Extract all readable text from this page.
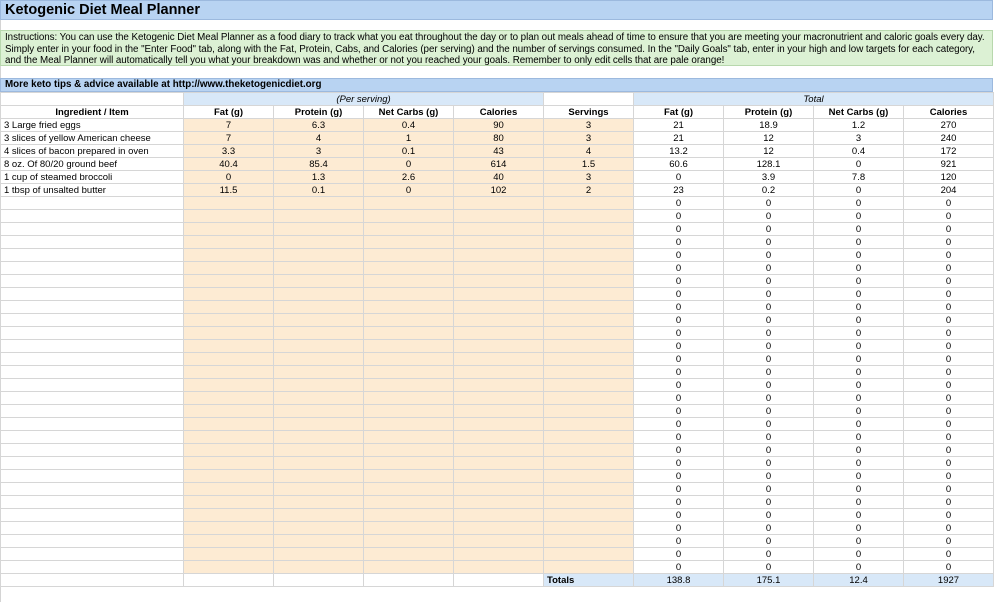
Ketogenic Diet Meal Planner
Instructions: You can use the Ketogenic Diet Meal Planner as a food diary to track what you eat throughout the day or to plan out meals ahead of time to ensure that you are meeting your macronutrient and caloric goals every day. Simply enter in your food in the "Enter Food" tab, along with the Fat, Protein, Cabs, and Calories (per serving) and the number of servings consumed. In the "Daily Goals" tab, enter in your high and low targets for each category, and the Meal Planner will automatically tell you what your breakdown was and whether or not you reached your goals. Remember to only edit cells that are pale orange!
More keto tips & advice available at http://www.theketogenicdiet.org
	(Per serving)					Total			
Ingredient / Item	Fat (g)	Protein (g)	Net Carbs (g)	Calories	Servings	Fat (g)	Protein (g)	Net Carbs (g)	Calories
3 Large fried eggs	7	6.3	0.4	90	3	21	18.9	1.2	270
3 slices of yellow American cheese	7	4	1	80	3	21	12	3	240
4 slices of bacon prepared in oven	3.3	3	0.1	43	4	13.2	12	0.4	172
8 oz. Of 80/20 ground beef	40.4	85.4	0	614	1.5	60.6	128.1	0	921
1 cup of steamed broccoli	0	1.3	2.6	40	3	0	3.9	7.8	120
1 tbsp of unsalted butter	11.5	0.1	0	102	2	23	0.2	0	204
						0	0	0	0
						0	0	0	0
						0	0	0	0
						0	0	0	0
						0	0	0	0
						0	0	0	0
						0	0	0	0
						0	0	0	0
						0	0	0	0
						0	0	0	0
						0	0	0	0
						0	0	0	0
						0	0	0	0
						0	0	0	0
						0	0	0	0
						0	0	0	0
						0	0	0	0
						0	0	0	0
						0	0	0	0
						0	0	0	0
						0	0	0	0
						0	0	0	0
						0	0	0	0
						0	0	0	0
						0	0	0	0
						0	0	0	0
						0	0	0	0
						0	0	0	0
						0	0	0	0
					Totals	138.8	175.1	12.4	1927
